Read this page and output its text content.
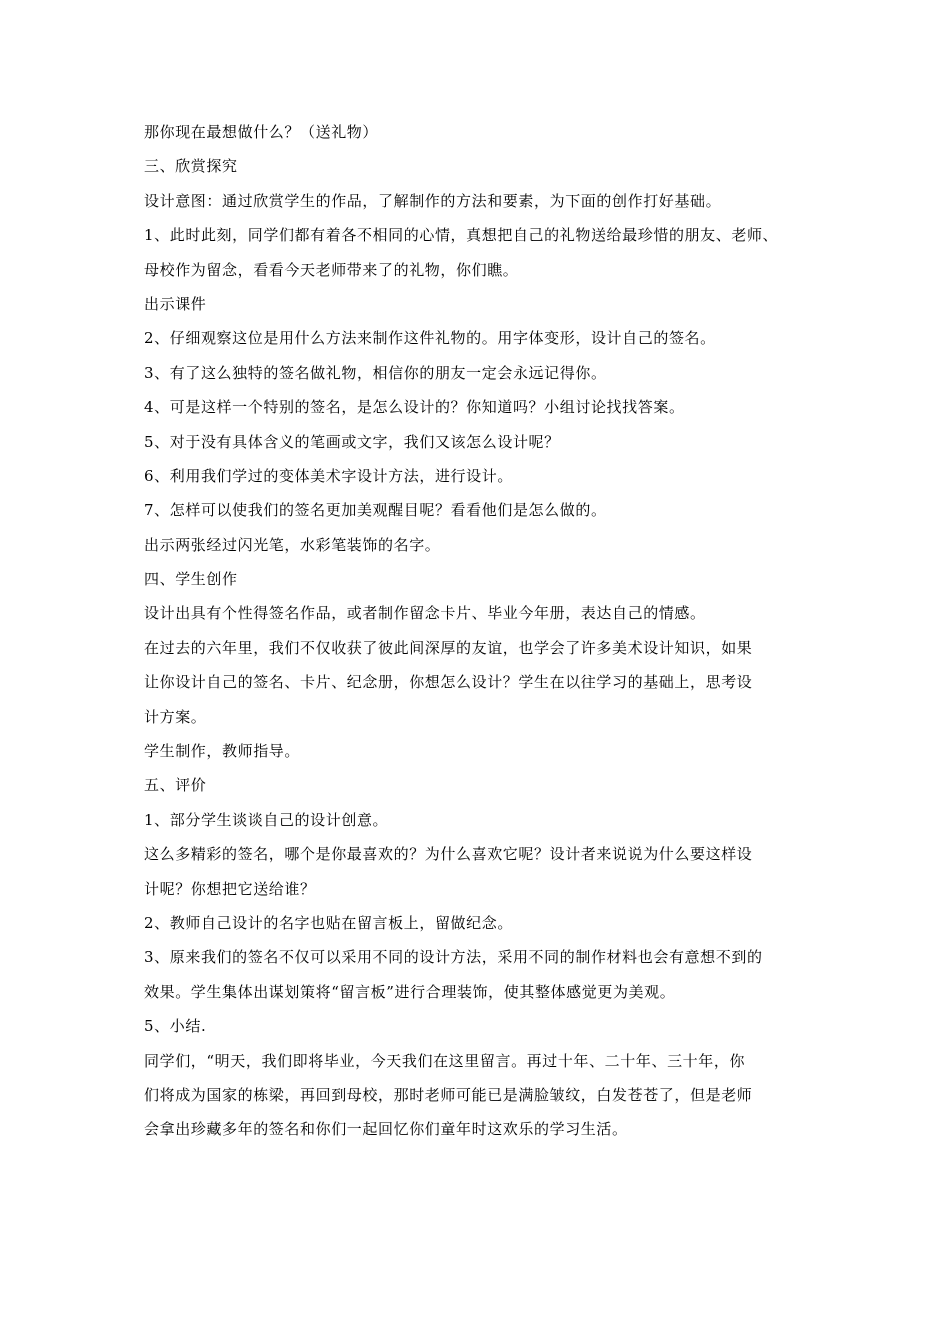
那你现在最想做什么？（送礼物）
三、欣赏探究
设计意图：通过欣赏学生的作品，了解制作的方法和要素，为下面的创作打好基础。
1、此时此刻，同学们都有着各不相同的心情，真想把自己的礼物送给最珍惜的朋友、老师、
母校作为留念，看看今天老师带来了的礼物，你们瞧。
出示课件
2、仔细观察这位是用什么方法来制作这件礼物的。用字体变形，设计自己的签名。
3、有了这么独特的签名做礼物，相信你的朋友一定会永远记得你。
4、可是这样一个特别的签名，是怎么设计的？你知道吗？小组讨论找找答案。
5、对于没有具体含义的笔画或文字，我们又该怎么设计呢？
6、利用我们学过的变体美术字设计方法，进行设计。
7、怎样可以使我们的签名更加美观醒目呢？看看他们是怎么做的。
出示两张经过闪光笔，水彩笔装饰的名字。
四、学生创作
设计出具有个性得签名作品，或者制作留念卡片、毕业今年册，表达自己的情感。
在过去的六年里，我们不仅收获了彼此间深厚的友谊，也学会了许多美术设计知识，如果
让你设计自己的签名、卡片、纪念册，你想怎么设计？学生在以往学习的基础上，思考设
计方案。
学生制作，教师指导。
五、评价
1、部分学生谈谈自己的设计创意。
这么多精彩的签名，哪个是你最喜欢的？为什么喜欢它呢？设计者来说说为什么要这样设
计呢？你想把它送给谁？
2、教师自己设计的名字也贴在留言板上，留做纪念。
3、原来我们的签名不仅可以采用不同的设计方法，采用不同的制作材料也会有意想不到的
效果。学生集体出谋划策将“留言板”进行合理装饰，使其整体感觉更为美观。
5、小结.
同学们，“明天，我们即将毕业，今天我们在这里留言。再过十年、二十年、三十年，你
们将成为国家的栋梁，再回到母校，那时老师可能已是满脸皱纹，白发苍苍了，但是老师
会拿出珍藏多年的签名和你们一起回忆你们童年时这欢乐的学习生活。
